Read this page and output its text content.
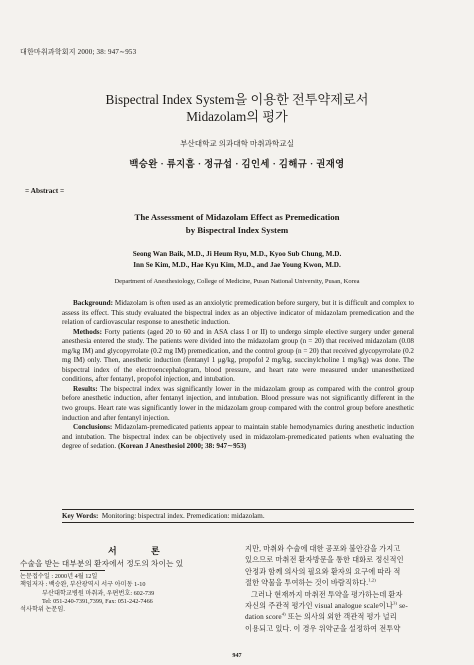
대한마취과학회지 2000; 38: 947∼953
Bispectral Index System을 이용한 전투약제로서
Midazolam의 평가
부산대학교 의과대학 마취과학교실
백승완 · 류지흠 · 정규섭 · 김인세 · 김해규 · 권재영
= Abstract =
The Assessment of Midazolam Effect as Premedication
by Bispectral Index System
Seong Wan Baik, M.D., Ji Heum Ryu, M.D., Kyoo Sub Chung, M.D.
Inn Se Kim, M.D., Hae Kyu Kim, M.D., and Jae Young Kwon, M.D.
Department of Anesthesiology, College of Medicine, Pusan National University, Pusan, Korea

Background: Midazolam is often used as an anxiolytic premedication before surgery, but it is difficult and complex to assess its effect. This study evaluated the bispectral index as an objective indicator of midazolam premedication and the relation of cardiovascular response to anesthetic induction.

Methods: Forty patients (aged 20 to 60 and in ASA class I or II) to undergo simple elective surgery under general anesthesia entered the study. The patients were divided into the midazolam group (n = 20) that received midazolam (0.08 mg/kg IM) and glycopyrrolate (0.2 mg IM) premedication, and the control group (n = 20) that received glycopyrrolate (0.2 mg IM) only. Then, anesthetic induction (fentanyl 1 μg/kg, propofol 2 mg/kg, succinylcholine 1 mg/kg) was done. The bispectral index of the electroencephalogram, blood pressure, and heart rate were measured under unanesthetized conditions, after fentanyl, propofol injection, and intubation.

Results: The bispectral index was significantly lower in the midazolam group as compared with the control group before anesthetic induction, after fentanyl injection, and intubation. Blood pressure was not significantly different in the two groups. Heart rate was significantly lower in the midazolam group compared with the control group before anesthetic induction and after fentanyl injection.

Conclusions: Midazolam-premedicated patients appear to maintain stable hemodynamics during anesthetic induction and intubation. The bispectral index can be objectively used in midazolam-premedicated patients when evaluating the degree of sedation. (Korean J Anesthesiol 2000; 38: 947∼953)

Key Words: Monitoring: bispectral index. Premedication: midazolam.
서 론
수술을 받는 대부분의 환자에서 정도의 차이는 있
논문접수일 : 2000년 4월 12일
책임저자 : 백승완, 부산광역시 서구 아미동 1-10
부산대학교병원 마취과, 우편번호: 602-739
Tel: 051-240-7391,7399, Fax: 051-242-7466
석사학위 논문임.
지만, 마취와 수술에 대한 공포와 불안감을 가지고
있으므로 마취전 환자방문을 통한 대화로 정신적인
안정과 함께 의사의 필요와 환자의 요구에 따라 적
절한 약물을 투여하는 것이 바람직하다.$^{1,2)}$
그러나 현재까지 마취전 투약을 평가하는데 환자
자신의 주관적 평가인 visual analogue scale이나$^{3)}$ se-
dation score$^{4)}$ 또는 의사의 외한 객관적 평가 널리
이용되고 있다. 이 경우 위약군을 설정하여 전투약
947
